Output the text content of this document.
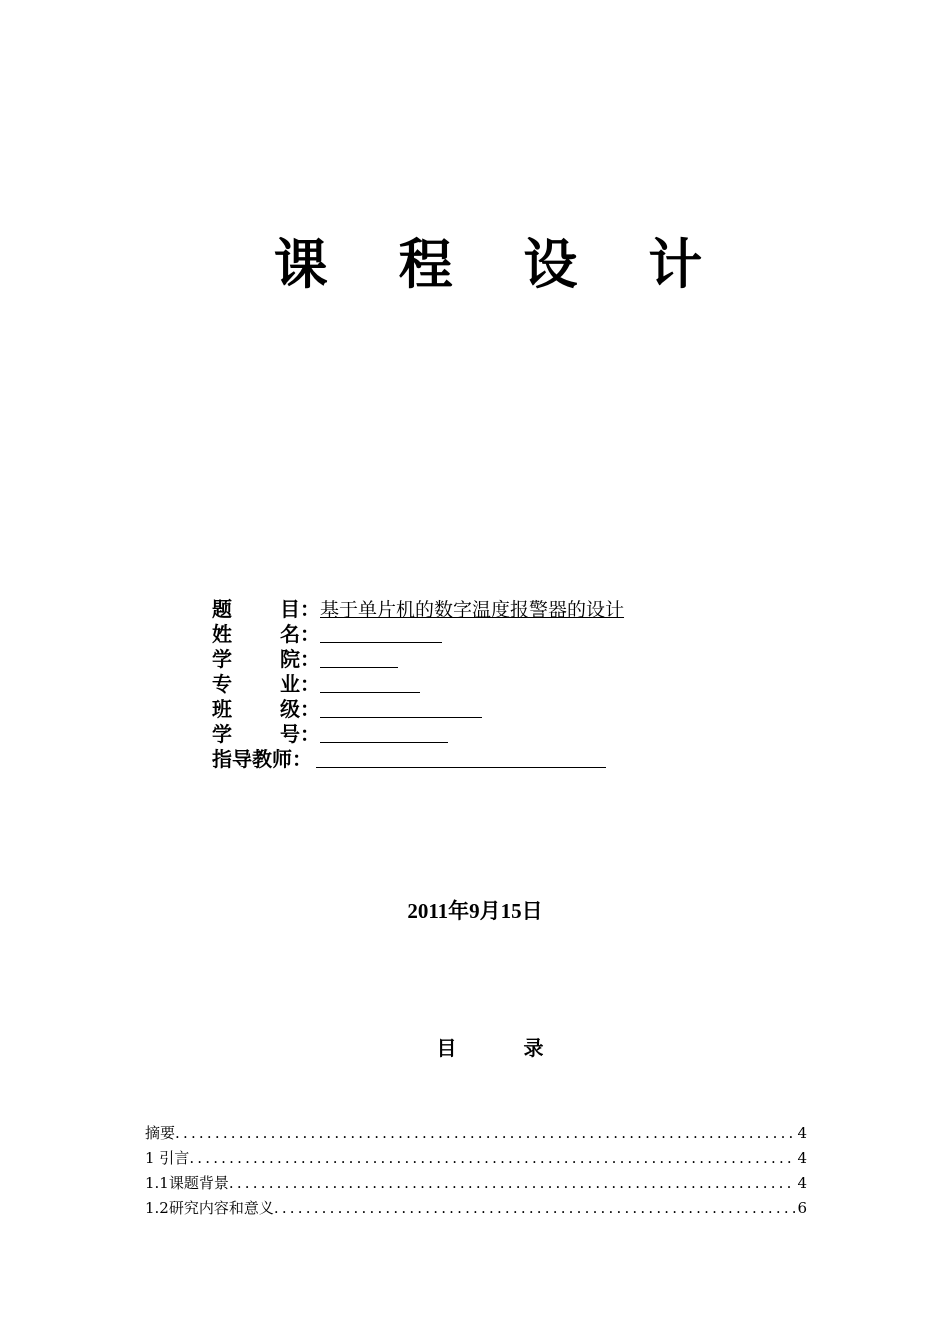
课 程 设 计
题　目：基于单片机的数字温度报警器的设计
姓　名：
学　院：
专　业：
班　级：
学　号：
指导教师：
2011年9月15日
目 录
摘要 .....	4
1 引言 .....	4
1.1课题背景 .....	4
1.2研究内容和意义 .....	6
